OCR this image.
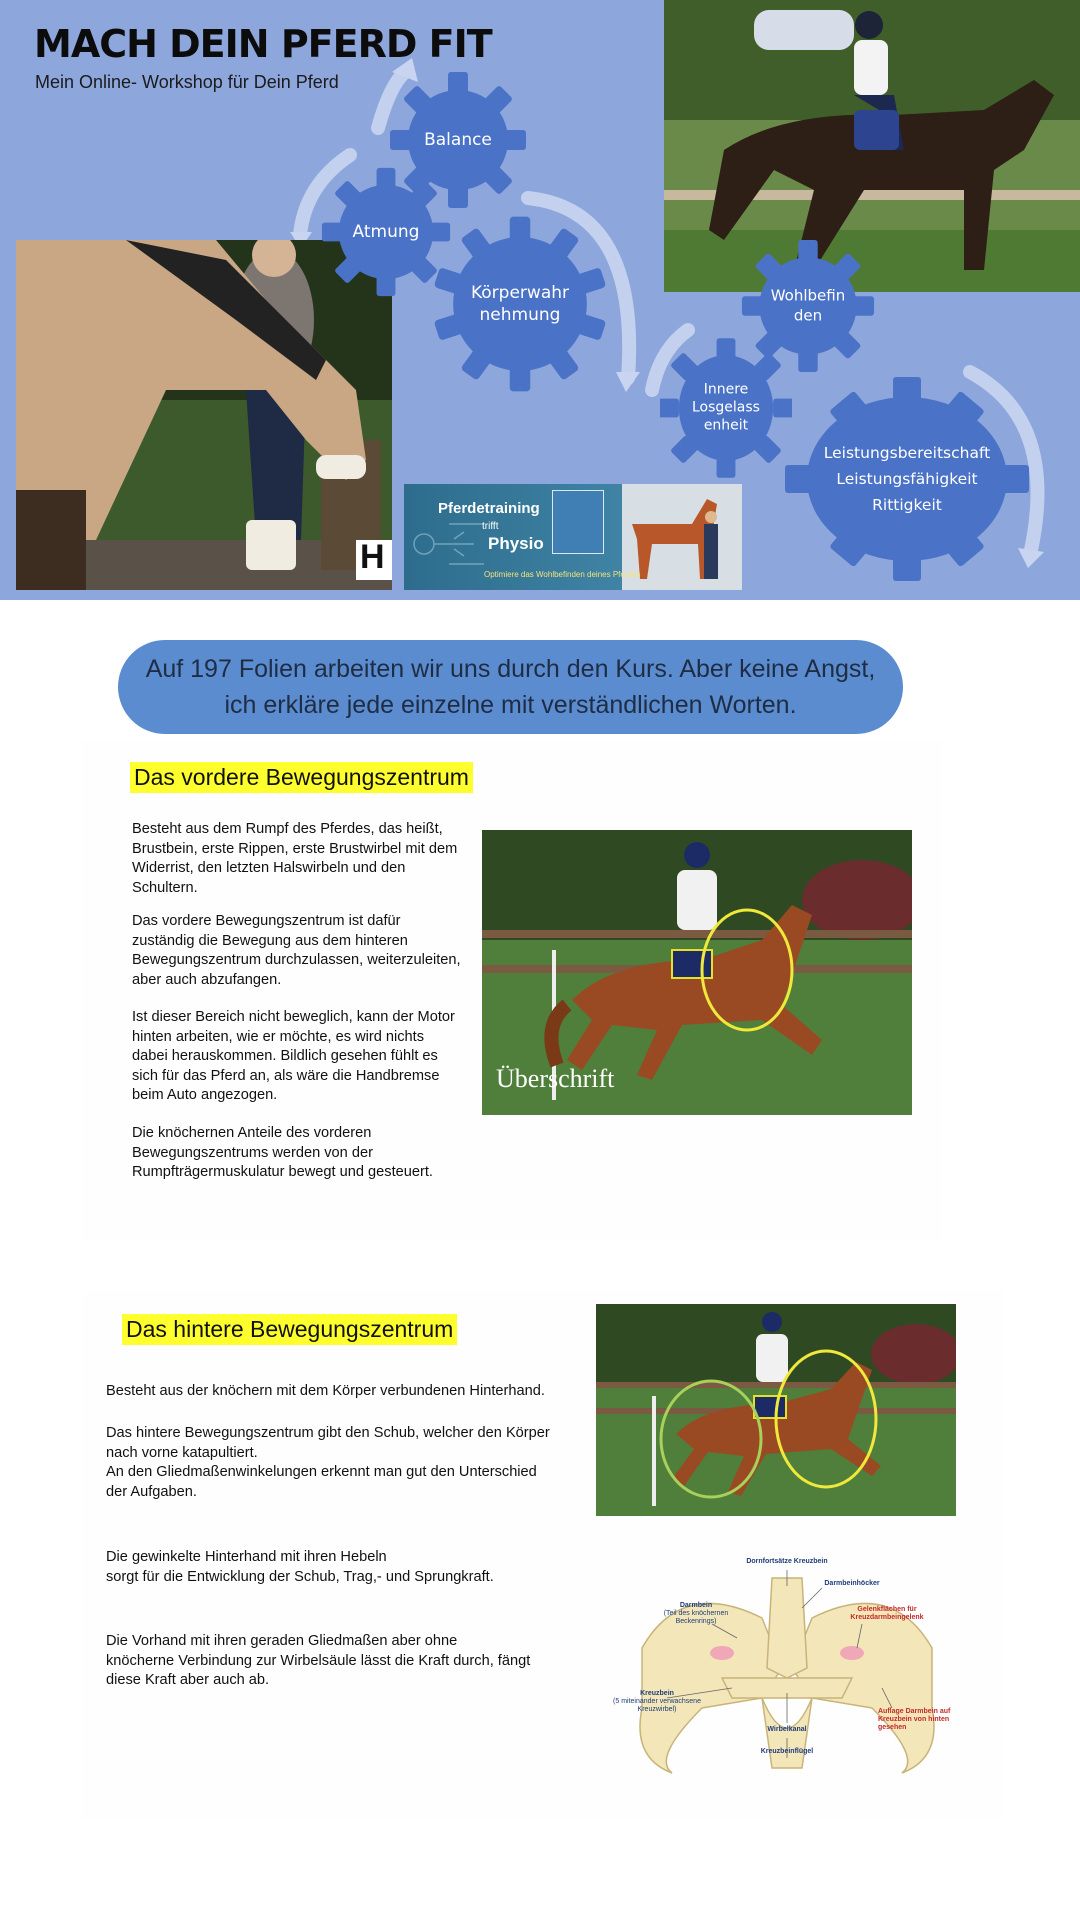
MACH DEIN PFERD FIT
Mein Online- Workshop für Dein Pferd
H
Balance
Atmung
Körperwahr
nehmung
Wohlbefin
den
Innere
Losgelass
enheit
Leistungsbereitschaft
Leistungsfähigkeit
Rittigkeit
Pferdetraining
trifft
Physio
Optimiere das Wohlbefinden deines Pferdes
Auf 197 Folien arbeiten wir uns durch den Kurs. Aber keine Angst,
ich erkläre jede einzelne mit verständlichen Worten.
Das vordere Bewegungszentrum
Besteht aus dem Rumpf des Pferdes, das heißt,
Brustbein, erste Rippen, erste Brustwirbel mit dem
Widerrist, den letzten Halswirbeln und den
Schultern.
Das vordere Bewegungszentrum ist dafür
zuständig die Bewegung aus dem hinteren
Bewegungszentrum durchzulassen, weiterzuleiten,
aber auch abzufangen.
Ist dieser Bereich nicht beweglich, kann der Motor
hinten arbeiten, wie er möchte, es wird nichts
dabei herauskommen. Bildlich gesehen fühlt es
sich für das Pferd an, als wäre die Handbremse
beim Auto angezogen.
Die knöchernen Anteile des vorderen
Bewegungszentrums werden von der
Rumpfträgermuskulatur bewegt und gesteuert.
Überschrift
Das hintere Bewegungszentrum
Besteht aus der knöchern mit dem Körper verbundenen Hinterhand.
Das hintere Bewegungszentrum gibt den Schub, welcher den Körper
nach vorne katapultiert.
An den Gliedmaßenwinkelungen erkennt man gut den Unterschied
der Aufgaben.
Die gewinkelte Hinterhand mit ihren Hebeln
sorgt für die Entwicklung der Schub, Trag,- und Sprungkraft.
Die Vorhand mit ihren geraden Gliedmaßen aber ohne
knöcherne Verbindung zur Wirbelsäule lässt die Kraft durch, fängt
diese Kraft aber auch ab.
Dornfortsätze Kreuzbein
Darmbeinhöcker
Darmbein
(Teil des knöchernen
Beckenrings)
Gelenkflächen für
Kreuzdarmbeingelenk
Kreuzbein
(5 miteinander verwachsene
Kreuzwirbel)
Wirbelkanal
Kreuzbeinflügel
Auflage Darmbein auf
Kreuzbein von hinten
gesehen
